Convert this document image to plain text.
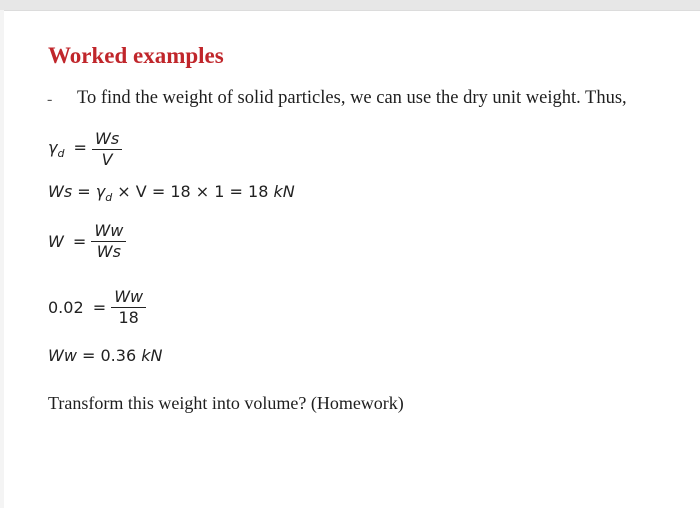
Worked examples
- To find the weight of solid particles, we can use the dry unit weight. Thus,
$\gamma_d = \frac{Ws}{V}$
$Ws = \gamma_d \times V = 18 \times 1 = 18$ kN
$W = \frac{Ww}{Ws}$
$0.02 = \frac{Ww}{18}$
Ww = 0.36 kN
Transform this weight into volume? (Homework)
